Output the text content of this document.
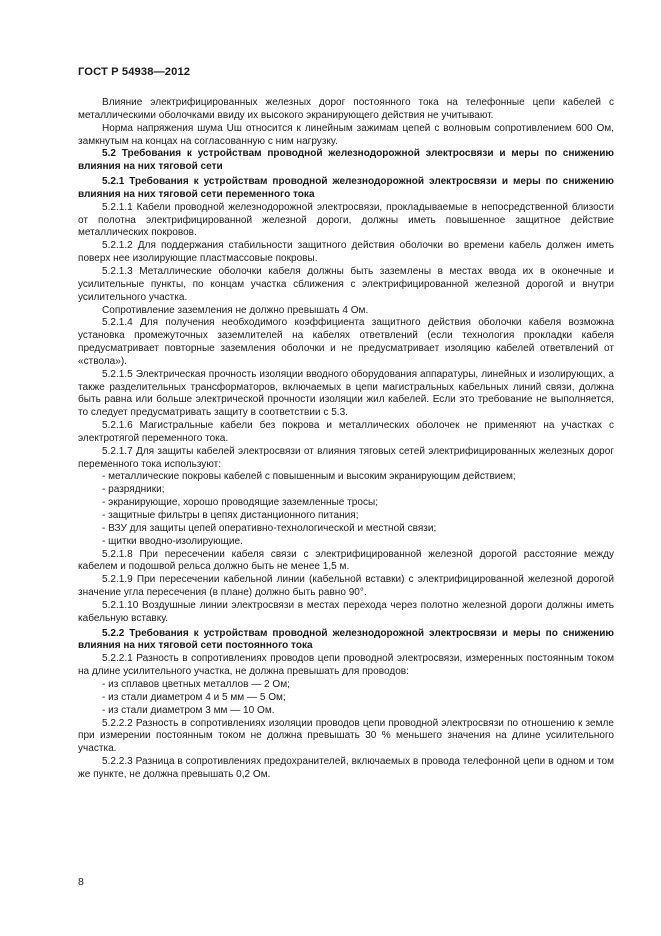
ГОСТ Р 54938—2012

Влияние электрифицированных железных дорог постоянного тока на телефонные цепи кабелей с металлическими оболочками ввиду их высокого экранирующего действия не учитывают.

Норма напряжения шума Uш относится к линейным зажимам цепей с волновым сопротивлением 600 Ом, замкнутым на концах на согласованную с ним нагрузку.

5.2 Требования к устройствам проводной железнодорожной электросвязи и меры по снижению влияния на них тяговой сети

5.2.1 Требования к устройствам проводной железнодорожной электросвязи и меры по снижению влияния на них тяговой сети переменного тока

5.2.1.1 Кабели проводной железнодорожной электросвязи, прокладываемые в непосредственной близости от полотна электрифицированной железной дороги, должны иметь повышенное защитное действие металлических покровов.

5.2.1.2 Для поддержания стабильности защитного действия оболочки во времени кабель должен иметь поверх нее изолирующие пластмассовые покровы.

5.2.1.3 Металлические оболочки кабеля должны быть заземлены в местах ввода их в оконечные и усилительные пункты, по концам участка сближения с электрифицированной железной дорогой и внутри усилительного участка.

Сопротивление заземления не должно превышать 4 Ом.

5.2.1.4 Для получения необходимого коэффициента защитного действия оболочки кабеля возможна установка промежуточных заземлителей на кабелях ответвлений (если технология прокладки кабеля предусматривает повторные заземления оболочки и не предусматривает изоляцию кабелей ответвлений от «ствола»).

5.2.1.5 Электрическая прочность изоляции вводного оборудования аппаратуры, линейных и изолирующих, а также разделительных трансформаторов, включаемых в цепи магистральных кабельных линий связи, должна быть равна или больше электрической прочности изоляции жил кабелей. Если это требование не выполняется, то следует предусматривать защиту в соответствии с 5.3.

5.2.1.6 Магистральные кабели без покрова и металлических оболочек не применяют на участках с электротягой переменного тока.

5.2.1.7 Для защиты кабелей электросвязи от влияния тяговых сетей электрифицированных железных дорог переменного тока используют:

- металлические покровы кабелей с повышенным и высоким экранирующим действием;

- разрядники;

- экранирующие, хорошо проводящие заземленные тросы;

- защитные фильтры в цепях дистанционного питания;

- ВЗУ для защиты цепей оперативно-технологической и местной связи;

- щитки вводно-изолирующие.

5.2.1.8 При пересечении кабеля связи с электрифицированной железной дорогой расстояние между кабелем и подошвой рельса должно быть не менее 1,5 м.

5.2.1.9 При пересечении кабельной линии (кабельной вставки) с электрифицированной железной дорогой значение угла пересечения (в плане) должно быть равно 90°.

5.2.1.10 Воздушные линии электросвязи в местах перехода через полотно железной дороги должны иметь кабельную вставку.

5.2.2 Требования к устройствам проводной железнодорожной электросвязи и меры по снижению влияния на них тяговой сети постоянного тока

5.2.2.1 Разность в сопротивлениях проводов цепи проводной электросвязи, измеренных постоянным током на длине усилительного участка, не должна превышать для проводов:

- из сплавов цветных металлов — 2 Ом;

- из стали диаметром 4 и 5 мм — 5 Ом;

- из стали диаметром 3 мм — 10 Ом.

5.2.2.2 Разность в сопротивлениях изоляции проводов цепи проводной электросвязи по отношению к земле при измерении постоянным током не должна превышать 30 % меньшего значения на длине усилительного участка.

5.2.2.3 Разница в сопротивлениях предохранителей, включаемых в провода телефонной цепи в одном и том же пункте, не должна превышать 0,2 Ом.

8
